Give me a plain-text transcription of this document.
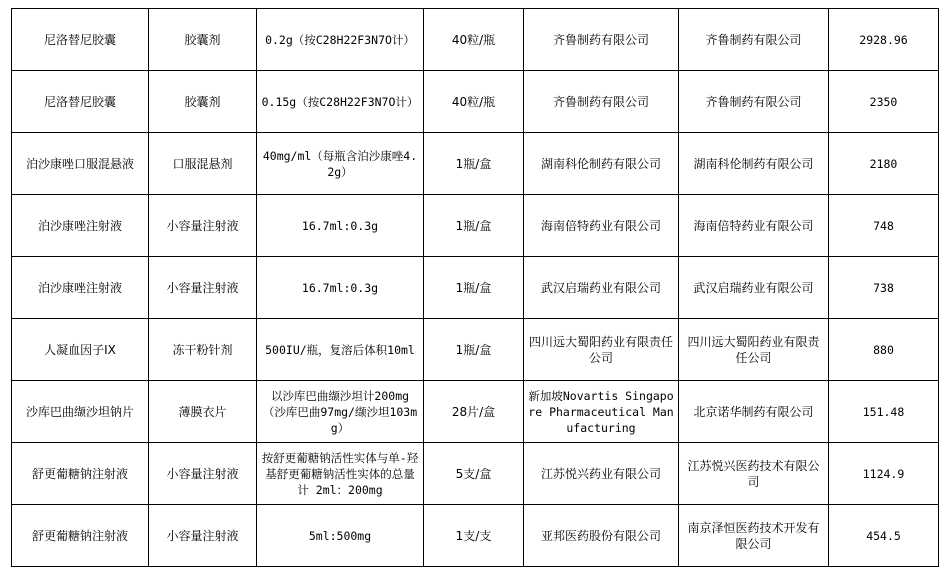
尼洛替尼胶囊	胶囊剂	0.2g（按C28H22F3N7O计）	40粒/瓶	齐鲁制药有限公司	齐鲁制药有限公司	2928.96
尼洛替尼胶囊	胶囊剂	0.15g（按C28H22F3N7O计）	40粒/瓶	齐鲁制药有限公司	齐鲁制药有限公司	2350
泊沙康唑口服混悬液	口服混悬剂	40mg/ml（每瓶含泊沙康唑4.2g）	1瓶/盒	湖南科伦制药有限公司	湖南科伦制药有限公司	2180
泊沙康唑注射液	小容量注射液	16.7ml:0.3g	1瓶/盒	海南倍特药业有限公司	海南倍特药业有限公司	748
泊沙康唑注射液	小容量注射液	16.7ml:0.3g	1瓶/盒	武汉启瑞药业有限公司	武汉启瑞药业有限公司	738
人凝血因子IX	冻干粉针剂	500IU/瓶，复溶后体积10ml	1瓶/盒	四川远大蜀阳药业有限责任公司	四川远大蜀阳药业有限责任公司	880
沙库巴曲缬沙坦钠片	薄膜衣片	以沙库巴曲缬沙坦计200mg（沙库巴曲97mg/缬沙坦103mg）	28片/盒	新加坡Novartis Singapore Pharmaceutical Manufacturing	北京诺华制药有限公司	151.48
舒更葡糖钠注射液	小容量注射液	按舒更葡糖钠活性实体与单-羟基舒更葡糖钠活性实体的总量计 2ml：200mg	5支/盒	江苏悦兴药业有限公司	江苏悦兴医药技术有限公司	1124.9
舒更葡糖钠注射液	小容量注射液	5ml:500mg	1支/支	亚邦医药股份有限公司	南京泽恒医药技术开发有限公司	454.5
